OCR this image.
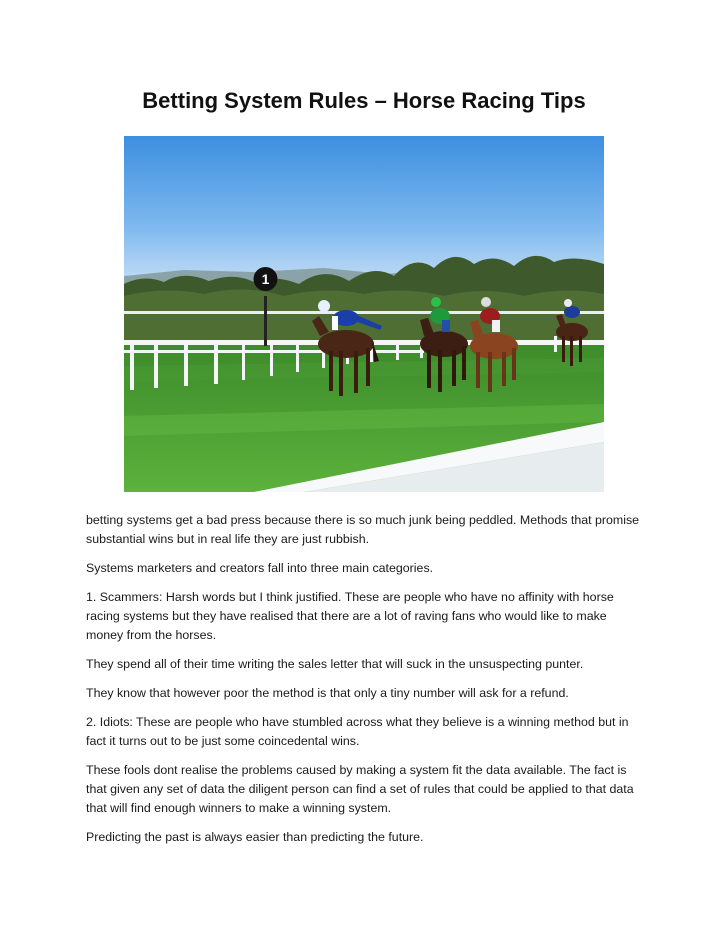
Betting System Rules – Horse Racing Tips
1

betting systems get a bad press because there is so much junk being peddled. Methods that promise substantial wins but in real life they are just rubbish.

Systems marketers and creators fall into three main categories.

1. Scammers: Harsh words but I think justified. These are people who have no affinity with horse racing systems but they have realised that there are a lot of raving fans who would like to make money from the horses.

They spend all of their time writing the sales letter that will suck in the unsuspecting punter.

They know that however poor the method is that only a tiny number will ask for a refund.

2. Idiots: These are people who have stumbled across what they believe is a winning method but in fact it turns out to be just some coincedental wins.

These fools dont realise the problems caused by making a system fit the data available. The fact is that given any set of data the diligent person can find a set of rules that could be applied to that data that will find enough winners to make a winning system.

Predicting the past is always easier than predicting the future.
